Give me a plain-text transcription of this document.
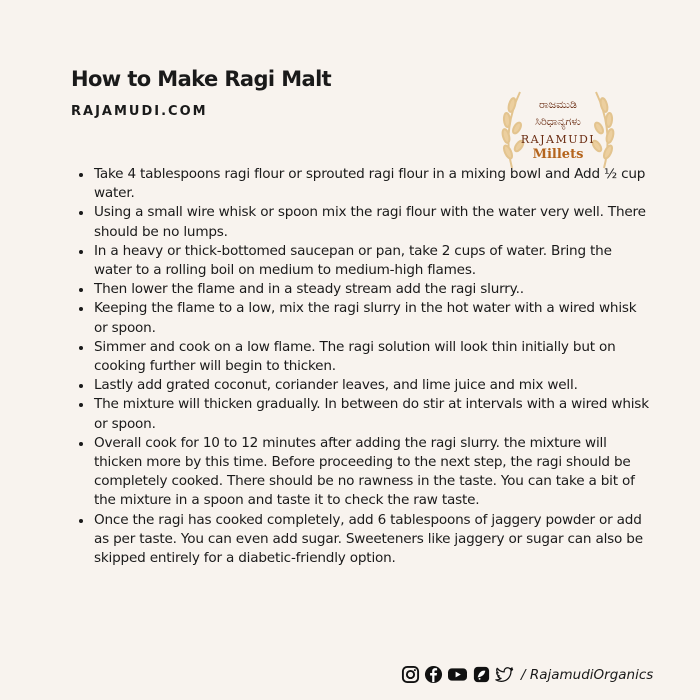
How to Make Ragi Malt
RAJAMUDI.COM	ರಾಜಮುಡಿ
ಸಿರಿಧಾನ್ಯಗಳು
RAJAMUDI
Millets
• Take 4 tablespoons ragi flour or sprouted ragi flour in a mixing bowl and Add ½ cup water.
• Using a small wire whisk or spoon mix the ragi flour with the water very well. There should be no lumps.
• In a heavy or thick-bottomed saucepan or pan, take 2 cups of water. Bring the water to a rolling boil on medium to medium-high flames.
• Then lower the flame and in a steady stream add the ragi slurry..
• Keeping the flame to a low, mix the ragi slurry in the hot water with a wired whisk or spoon.
• Simmer and cook on a low flame. The ragi solution will look thin initially but on cooking further will begin to thicken.
• Lastly add grated coconut, coriander leaves, and lime juice and mix well.
• The mixture will thicken gradually. In between do stir at intervals with a wired whisk or spoon.
• Overall cook for 10 to 12 minutes after adding the ragi slurry. the mixture will thicken more by this time. Before proceeding to the next step, the ragi should be completely cooked. There should be no rawness in the taste. You can take a bit of the mixture in a spoon and taste it to check the raw taste.
• Once the ragi has cooked completely, add 6 tablespoons of jaggery powder or add as per taste. You can even add sugar. Sweeteners like jaggery or sugar can also be skipped entirely for a diabetic-friendly option.
/ RajamudiOrganics
